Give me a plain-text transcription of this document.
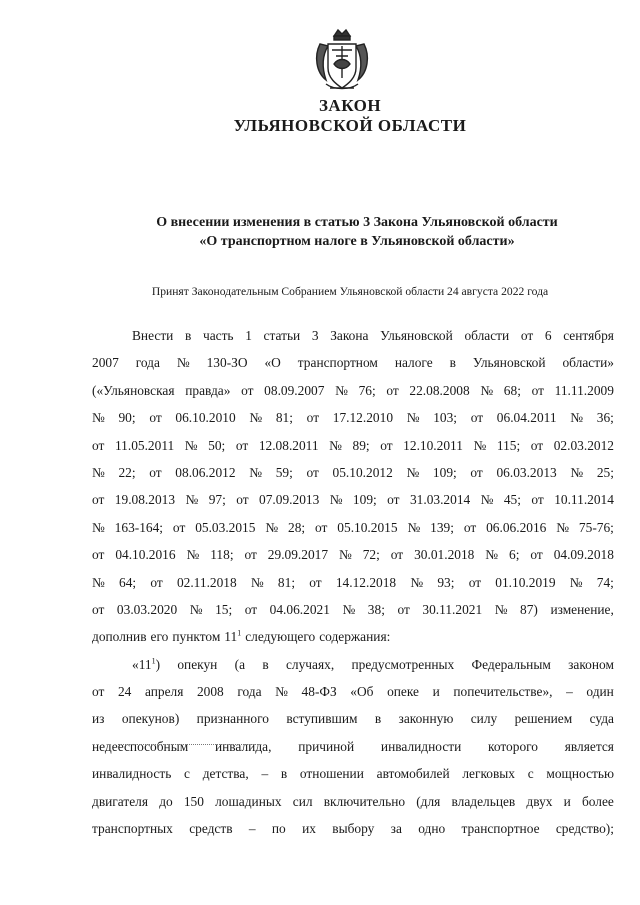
ЗАКОН
УЛЬЯНОВСКОЙ ОБЛАСТИ
О внесении изменения в статью 3 Закона Ульяновской области
«О транспортном налоге в Ульяновской области»
Принят Законодательным Собранием Ульяновской области 24 августа 2022 года
Внести в часть 1 статьи 3 Закона Ульяновской области от 6 сентября
2007 года № 130-ЗО «О транспортном налоге в Ульяновской области»
(«Ульяновская правда» от 08.09.2007 № 76; от 22.08.2008 № 68; от 11.11.2009
№ 90; от 06.10.2010 № 81; от 17.12.2010 № 103; от 06.04.2011 № 36;
от 11.05.2011 № 50; от 12.08.2011 № 89; от 12.10.2011 № 115; от 02.03.2012
№ 22; от 08.06.2012 № 59; от 05.10.2012 № 109; от 06.03.2013 № 25;
от 19.08.2013 № 97; от 07.09.2013 № 109; от 31.03.2014 № 45; от 10.11.2014
№ 163-164; от 05.03.2015 № 28; от 05.10.2015 № 139; от 06.06.2016 № 75-76;
от 04.10.2016 № 118; от 29.09.2017 № 72; от 30.01.2018 № 6; от 04.09.2018
№ 64; от 02.11.2018 № 81; от 14.12.2018 № 93; от 01.10.2019 № 74;
от 03.03.2020 № 15; от 04.06.2021 № 38; от 30.11.2021 № 87) изменение,
дополнив его пунктом $11^1$ следующего содержания:
«$11^1$) опекун (а в случаях, предусмотренных Федеральным законом
от 24 апреля 2008 года № 48-ФЗ «Об опеке и попечительстве», – один
из опекунов) признанного вступившим в законную силу решением суда
недееспособным инвалида, причиной инвалидности которого является
инвалидность с детства, – в отношении автомобилей легковых с мощностью
двигателя до 150 лошадиных сил включительно (для владельцев двух и более
транспортных средств – по их выбору за одно транспортное средство);
